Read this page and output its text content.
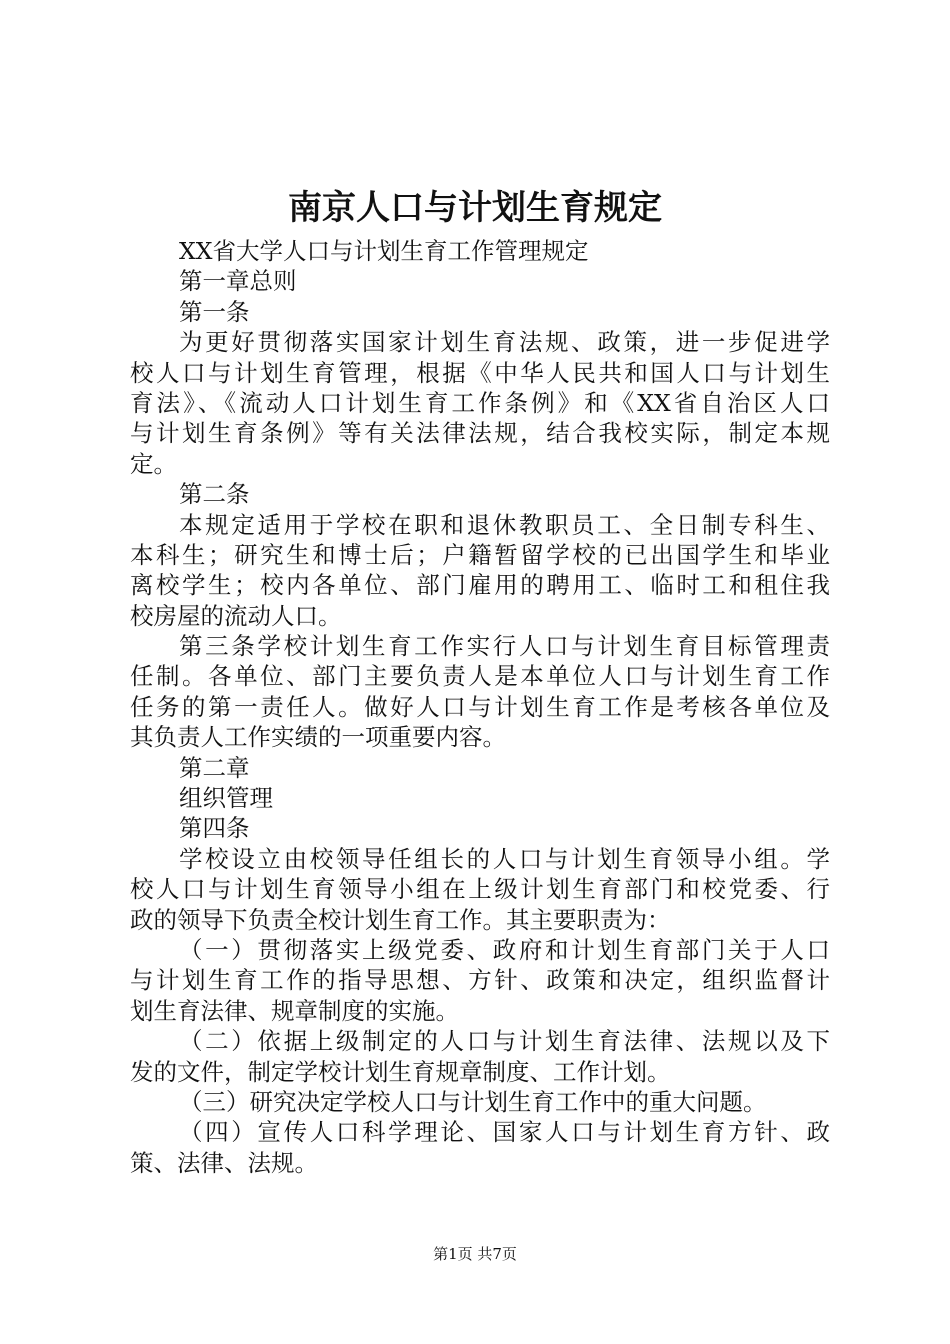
南京人口与计划生育规定
XX省大学人口与计划生育工作管理规定
第一章总则
第一条
为更好贯彻落实国家计划生育法规、政策，进一步促进学
校人口与计划生育管理，根据《中华人民共和国人口与计划生
育法》、《流动人口计划生育工作条例》和《XX省自治区人口
与计划生育条例》等有关法律法规，结合我校实际，制定本规
定。
第二条
本规定适用于学校在职和退休教职员工、全日制专科生、
本科生；研究生和博士后；户籍暂留学校的已出国学生和毕业
离校学生；校内各单位、部门雇用的聘用工、临时工和租住我
校房屋的流动人口。
第三条学校计划生育工作实行人口与计划生育目标管理责
任制。各单位、部门主要负责人是本单位人口与计划生育工作
任务的第一责任人。做好人口与计划生育工作是考核各单位及
其负责人工作实绩的一项重要内容。
第二章
组织管理
第四条
学校设立由校领导任组长的人口与计划生育领导小组。学
校人口与计划生育领导小组在上级计划生育部门和校党委、行
政的领导下负责全校计划生育工作。其主要职责为：
（一）贯彻落实上级党委、政府和计划生育部门关于人口
与计划生育工作的指导思想、方针、政策和决定，组织监督计
划生育法律、规章制度的实施。
（二）依据上级制定的人口与计划生育法律、法规以及下
发的文件，制定学校计划生育规章制度、工作计划。
（三）研究决定学校人口与计划生育工作中的重大问题。
（四）宣传人口科学理论、国家人口与计划生育方针、政
策、法律、法规。
第1页 共7页
